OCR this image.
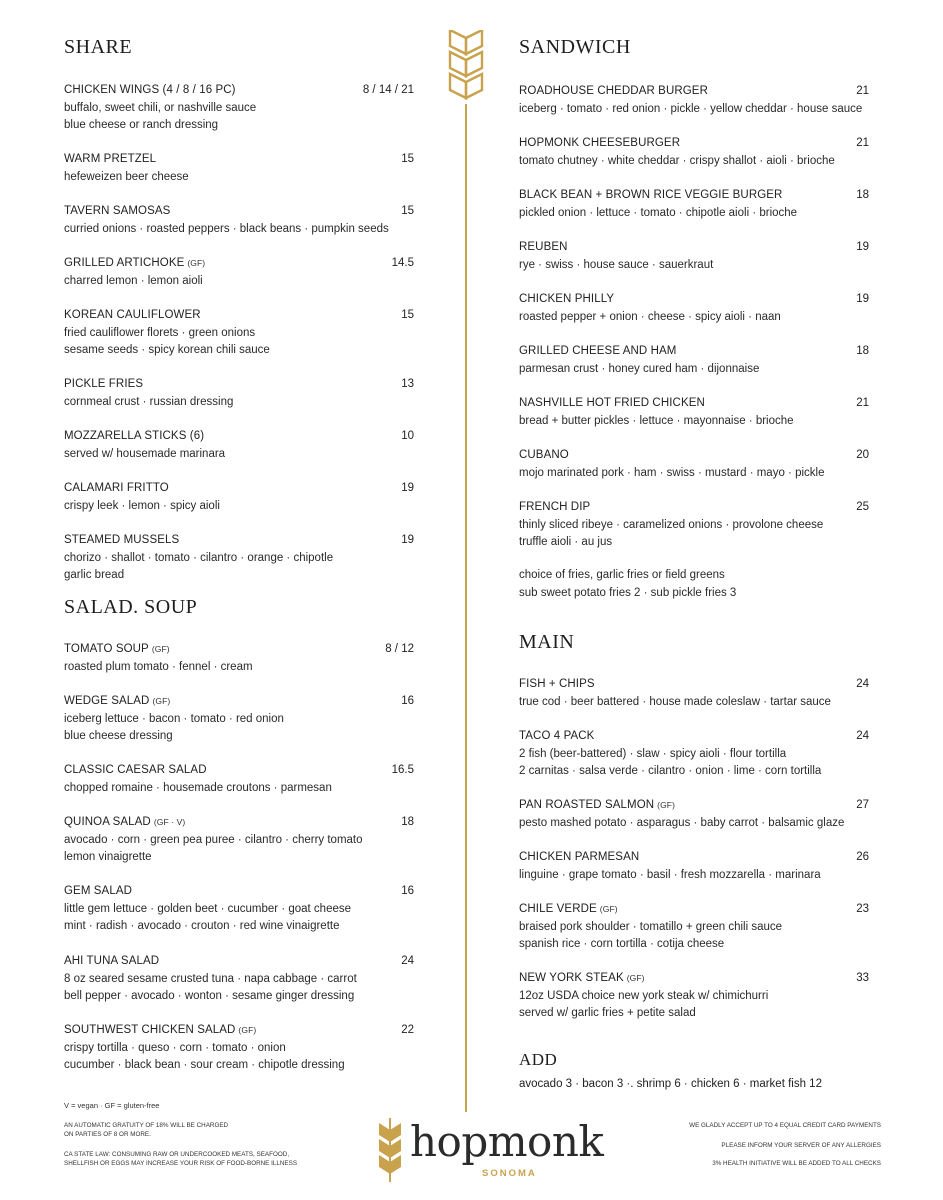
SHARE
CHICKEN WINGS (4 / 8 / 16 PC)	8 / 14 / 21
buffalo, sweet chili, or nashville sauce
blue cheese or ranch dressing
WARM PRETZEL	15
hefeweizen beer cheese
TAVERN SAMOSAS	15
curried onions · roasted peppers · black beans · pumpkin seeds
GRILLED ARTICHOKE (GF)	14.5
charred lemon · lemon aioli
KOREAN CAULIFLOWER	15
fried cauliflower florets · green onions
sesame seeds · spicy korean chili sauce
PICKLE FRIES	13
cornmeal crust · russian dressing
MOZZARELLA STICKS (6)	10
served w/ housemade marinara
CALAMARI FRITTO	19
crispy leek · lemon · spicy aioli
STEAMED MUSSELS	19
chorizo · shallot · tomato · cilantro · orange · chipotle
garlic bread
SALAD. SOUP
TOMATO SOUP (GF)	8 / 12
roasted plum tomato · fennel · cream
WEDGE SALAD (GF)	16
iceberg lettuce · bacon · tomato · red onion
blue cheese dressing
CLASSIC CAESAR SALAD	16.5
chopped romaine · housemade croutons · parmesan
QUINOA SALAD (GF · V)	18
avocado · corn · green pea puree · cilantro · cherry tomato
lemon vinaigrette
GEM SALAD	16
little gem lettuce · golden beet · cucumber · goat cheese
mint · radish · avocado · crouton · red wine vinaigrette
AHI TUNA SALAD	24
8 oz seared sesame crusted tuna · napa cabbage · carrot
bell pepper · avocado · wonton · sesame ginger dressing
SOUTHWEST CHICKEN SALAD (GF)	22
crispy tortilla · queso · corn · tomato · onion
cucumber · black bean · sour cream · chipotle dressing
SANDWICH
ROADHOUSE CHEDDAR BURGER	21
iceberg · tomato · red onion · pickle · yellow cheddar · house sauce
HOPMONK CHEESEBURGER	21
tomato chutney · white cheddar · crispy shallot · aioli · brioche
BLACK BEAN + BROWN RICE VEGGIE BURGER	18
pickled onion · lettuce · tomato · chipotle aioli · brioche
REUBEN	19
rye · swiss · house sauce · sauerkraut
CHICKEN PHILLY	19
roasted pepper + onion · cheese · spicy aioli · naan
GRILLED CHEESE AND HAM	18
parmesan crust · honey cured ham · dijonnaise
NASHVILLE HOT FRIED CHICKEN	21
bread + butter pickles · lettuce · mayonnaise · brioche
CUBANO	20
mojo marinated pork · ham · swiss · mustard · mayo · pickle
FRENCH DIP	25
thinly sliced ribeye · caramelized onions · provolone cheese
truffle aioli · au jus
choice of fries, garlic fries or field greens
sub sweet potato fries 2 · sub pickle fries 3
MAIN
FISH + CHIPS	24
true cod · beer battered · house made coleslaw · tartar sauce
TACO 4 PACK	24
2 fish (beer-battered) · slaw · spicy aioli · flour tortilla
2 carnitas · salsa verde · cilantro · onion · lime · corn tortilla
PAN ROASTED SALMON (GF)	27
pesto mashed potato · asparagus · baby carrot · balsamic glaze
CHICKEN PARMESAN	26
linguine · grape tomato · basil · fresh mozzarella · marinara
CHILE VERDE (GF)	23
braised pork shoulder · tomatillo + green chili sauce
spanish rice · corn tortilla · cotija cheese
NEW YORK STEAK (GF)	33
12oz USDA choice new york steak w/ chimichurri
served w/ garlic fries + petite salad
ADD
avocado 3 · bacon 3 ·. shrimp 6 · chicken 6 · market fish 12
V = vegan · GF = gluten-free
AN AUTOMATIC GRATUITY OF 18% WILL BE CHARGED
ON PARTIES OF 8 OR MORE.
CA STATE LAW: CONSUMING RAW OR UNDERCOOKED MEATS, SEAFOOD,
SHELLFISH OR EGGS MAY INCREASE YOUR RISK OF FOOD-BORNE ILLNESS
WE GLADLY ACCEPT UP TO 4 EQUAL CREDIT CARD PAYMENTS
PLEASE INFORM YOUR SERVER OF ANY ALLERGIES
3% HEALTH INITIATIVE WILL BE ADDED TO ALL CHECKS
hopmonk
SONOMA
